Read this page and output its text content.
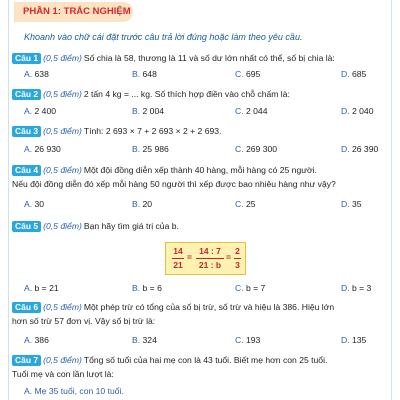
PHẦN 1: TRẮC NGHIỆM
Khoanh vào chữ cái đặt trước câu trả lời đúng hoặc làm theo yêu cầu.
Câu 1 (0,5 điểm) Số chia là 58, thương là 11 và số dư lớn nhất có thể, số bị chia là:
A. 638	B. 648	C. 695	D. 685
Câu 2 (0,5 điểm) 2 tấn 4 kg = ... kg. Số thích hợp điền vào chỗ chấm là:
A. 2 400	B. 2 004	C. 2 044	D. 2 040
Câu 3 (0,5 điểm) Tính: 2 693 × 7 + 2 693 × 2 + 2 693.
A. 26 930	B. 25 986	C. 269 300	D. 26 390
Câu 4 (0,5 điểm) Một đội đồng diễn xếp thành 40 hàng, mỗi hàng có 25 người.
Nếu đội đồng diễn đó xếp mỗi hàng 50 người thì xếp được bao nhiêu hàng như vậy?
A. 30	B. 20	C. 25	D. 35
Câu 5 (0,5 điểm) Bạn hãy tìm giá trị của b.
14
21
=
14 : 7
21 : b
=
2
3
A. b = 21	B. b = 6	C. b = 7	D. b = 3
Câu 6 (0,5 điểm) Một phép trừ có tổng của số bị trừ, số trừ và hiệu là 386. Hiệu lớn
hơn số trừ 57 đơn vị. Vậy số bị trừ là:
A. 386	B. 324	C. 193	D. 135
Câu 7 (0,5 điểm) Tổng số tuổi của hai mẹ con là 43 tuổi. Biết mẹ hơn con 25 tuổi.
Tuổi mẹ và con lần lượt là:
A. Mẹ 35 tuổi, con 10 tuổi.
